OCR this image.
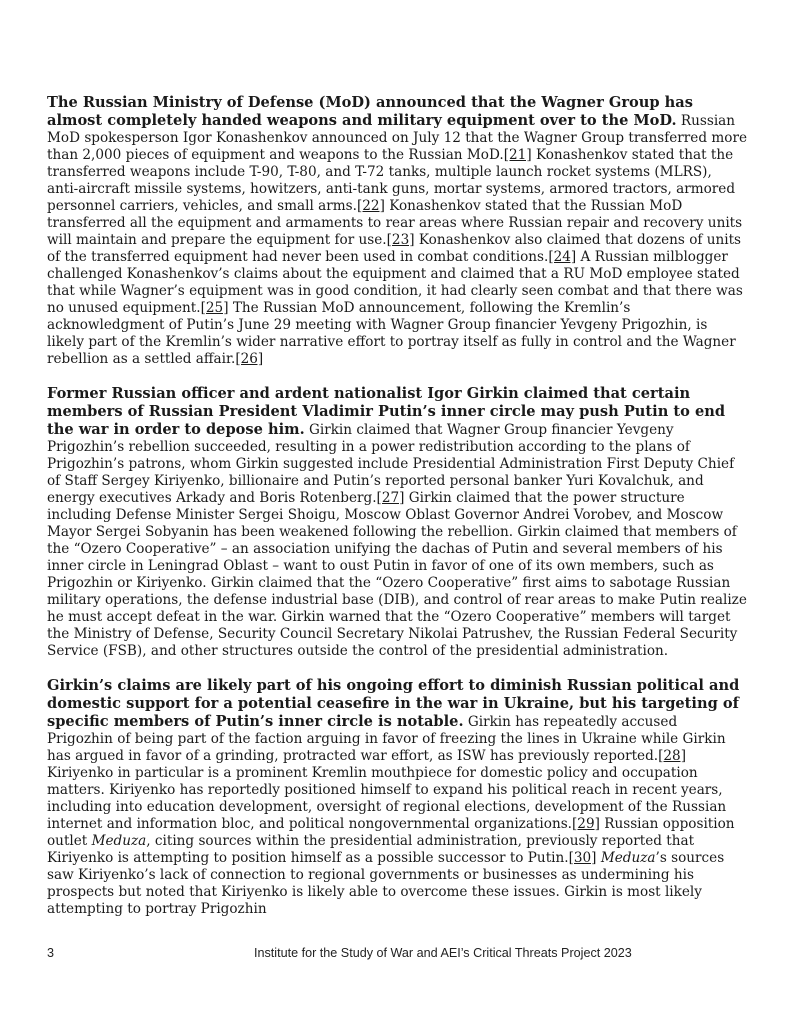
The Russian Ministry of Defense (MoD) announced that the Wagner Group has almost completely handed weapons and military equipment over to the MoD. Russian MoD spokesperson Igor Konashenkov announced on July 12 that the Wagner Group transferred more than 2,000 pieces of equipment and weapons to the Russian MoD.[21] Konashenkov stated that the transferred weapons include T-90, T-80, and T-72 tanks, multiple launch rocket systems (MLRS), anti-aircraft missile systems, howitzers, anti-tank guns, mortar systems, armored tractors, armored personnel carriers, vehicles, and small arms.[22] Konashenkov stated that the Russian MoD transferred all the equipment and armaments to rear areas where Russian repair and recovery units will maintain and prepare the equipment for use.[23] Konashenkov also claimed that dozens of units of the transferred equipment had never been used in combat conditions.[24] A Russian milblogger challenged Konashenkov’s claims about the equipment and claimed that a RU MoD employee stated that while Wagner’s equipment was in good condition, it had clearly seen combat and that there was no unused equipment.[25] The Russian MoD announcement, following the Kremlin’s acknowledgment of Putin’s June 29 meeting with Wagner Group financier Yevgeny Prigozhin, is likely part of the Kremlin’s wider narrative effort to portray itself as fully in control and the Wagner rebellion as a settled affair.[26]

Former Russian officer and ardent nationalist Igor Girkin claimed that certain members of Russian President Vladimir Putin’s inner circle may push Putin to end the war in order to depose him. Girkin claimed that Wagner Group financier Yevgeny Prigozhin’s rebellion succeeded, resulting in a power redistribution according to the plans of Prigozhin’s patrons, whom Girkin suggested include Presidential Administration First Deputy Chief of Staff Sergey Kiriyenko, billionaire and Putin’s reported personal banker Yuri Kovalchuk, and energy executives Arkady and Boris Rotenberg.[27] Girkin claimed that the power structure including Defense Minister Sergei Shoigu, Moscow Oblast Governor Andrei Vorobev, and Moscow Mayor Sergei Sobyanin has been weakened following the rebellion. Girkin claimed that members of the “Ozero Cooperative” – an association unifying the dachas of Putin and several members of his inner circle in Leningrad Oblast – want to oust Putin in favor of one of its own members, such as Prigozhin or Kiriyenko. Girkin claimed that the “Ozero Cooperative” first aims to sabotage Russian military operations, the defense industrial base (DIB), and control of rear areas to make Putin realize he must accept defeat in the war. Girkin warned that the “Ozero Cooperative” members will target the Ministry of Defense, Security Council Secretary Nikolai Patrushev, the Russian Federal Security Service (FSB), and other structures outside the control of the presidential administration.

Girkin’s claims are likely part of his ongoing effort to diminish Russian political and domestic support for a potential ceasefire in the war in Ukraine, but his targeting of specific members of Putin’s inner circle is notable. Girkin has repeatedly accused Prigozhin of being part of the faction arguing in favor of freezing the lines in Ukraine while Girkin has argued in favor of a grinding, protracted war effort, as ISW has previously reported.[28] Kiriyenko in particular is a prominent Kremlin mouthpiece for domestic policy and occupation matters. Kiriyenko has reportedly positioned himself to expand his political reach in recent years, including into education development, oversight of regional elections, development of the Russian internet and information bloc, and political nongovernmental organizations.[29] Russian opposition outlet Meduza, citing sources within the presidential administration, previously reported that Kiriyenko is attempting to position himself as a possible successor to Putin.[30] Meduza’s sources saw Kiriyenko’s lack of connection to regional governments or businesses as undermining his prospects but noted that Kiriyenko is likely able to overcome these issues. Girkin is most likely attempting to portray Prigozhin

3	Institute for the Study of War and AEI’s Critical Threats Project 2023
